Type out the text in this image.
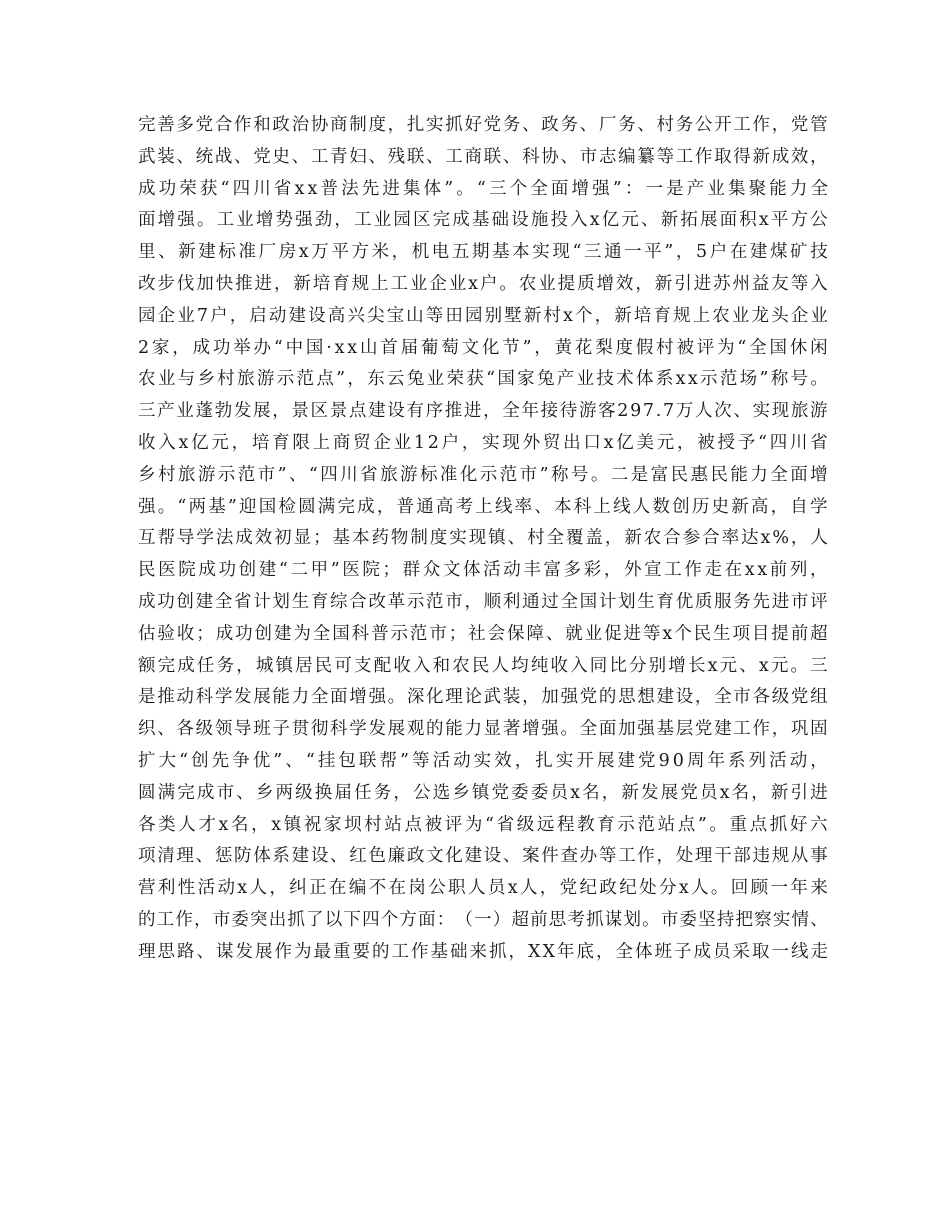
完 善 多 党 合 作 和 政 治 协 商 制 度 ， 扎 实 抓 好 党 务 、 政 务 、 厂 务 、 村 务 公 开 工 作 ， 党 管
武 装 、 统 战 、 党 史 、 工 青 妇 、 残 联 、 工 商 联 、 科 协 、 市 志 编 纂 等 工 作 取 得 新 成 效 ，
成 功 荣 获 “ 四 川 省 x x 普 法 先 进 集 体 ” 。 “ 三 个 全 面 增 强 ” ： 一 是 产 业 集 聚 能 力 全
面 增 强 。 工 业 增 势 强 劲 ， 工 业 园 区 完 成 基 础 设 施 投 入 x 亿 元 、 新 拓 展 面 积 x 平 方 公
里 、 新 建 标 准 厂 房 x 万 平 方 米 ， 机 电 五 期 基 本 实 现 “ 三 通 一 平 ” ， 5 户 在 建 煤 矿 技
改 步 伐 加 快 推 进 ， 新 培 育 规 上 工 业 企 业 x 户 。 农 业 提 质 增 效 ， 新 引 进 苏 州 益 友 等 入
园 企 业 7 户 ， 启 动 建 设 高 兴 尖 宝 山 等 田 园 别 墅 新 村 x 个 ， 新 培 育 规 上 农 业 龙 头 企 业
2 家 ， 成 功 举 办 “ 中 国 · x x 山 首 届 葡 萄 文 化 节 ” ， 黄 花 梨 度 假 村 被 评 为 “ 全 国 休 闲
农 业 与 乡 村 旅 游 示 范 点 ” ， 东 云 兔 业 荣 获 “ 国 家 兔 产 业 技 术 体 系 x x 示 范 场 ” 称 号 。
三 产 业 蓬 勃 发 展 ， 景 区 景 点 建 设 有 序 推 进 ， 全 年 接 待 游 客 2 9 7 . 7 万 人 次 、 实 现 旅 游
收 入 x 亿 元 ， 培 育 限 上 商 贸 企 业 1 2 户 ， 实 现 外 贸 出 口 x 亿 美 元 ， 被 授 予 “ 四 川 省
乡 村 旅 游 示 范 市 ” 、 “ 四 川 省 旅 游 标 准 化 示 范 市 ” 称 号 。 二 是 富 民 惠 民 能 力 全 面 增
强 。 “ 两 基 ” 迎 国 检 圆 满 完 成 ， 普 通 高 考 上 线 率 、 本 科 上 线 人 数 创 历 史 新 高 ， 自 学
互 帮 导 学 法 成 效 初 显 ； 基 本 药 物 制 度 实 现 镇 、 村 全 覆 盖 ， 新 农 合 参 合 率 达 x % ， 人
民 医 院 成 功 创 建 “ 二 甲 ” 医 院 ； 群 众 文 体 活 动 丰 富 多 彩 ， 外 宣 工 作 走 在 x x 前 列 ，
成 功 创 建 全 省 计 划 生 育 综 合 改 革 示 范 市 ， 顺 利 通 过 全 国 计 划 生 育 优 质 服 务 先 进 市 评
估 验 收 ； 成 功 创 建 为 全 国 科 普 示 范 市 ； 社 会 保 障 、 就 业 促 进 等 x 个 民 生 项 目 提 前 超
额 完 成 任 务 ， 城 镇 居 民 可 支 配 收 入 和 农 民 人 均 纯 收 入 同 比 分 别 增 长 x 元 、 x 元 。 三
是 推 动 科 学 发 展 能 力 全 面 增 强 。 深 化 理 论 武 装 ， 加 强 党 的 思 想 建 设 ， 全 市 各 级 党 组
织 、 各 级 领 导 班 子 贯 彻 科 学 发 展 观 的 能 力 显 著 增 强 。 全 面 加 强 基 层 党 建 工 作 ， 巩 固
扩 大 “ 创 先 争 优 ” 、 “ 挂 包 联 帮 ” 等 活 动 实 效 ， 扎 实 开 展 建 党 9 0 周 年 系 列 活 动 ，
圆 满 完 成 市 、 乡 两 级 换 届 任 务 ， 公 选 乡 镇 党 委 委 员 x 名 ， 新 发 展 党 员 x 名 ， 新 引 进
各 类 人 才 x 名 ， x 镇 祝 家 坝 村 站 点 被 评 为 “ 省 级 远 程 教 育 示 范 站 点 ” 。 重 点 抓 好 六
项 清 理 、 惩 防 体 系 建 设 、 红 色 廉 政 文 化 建 设 、 案 件 查 办 等 工 作 ， 处 理 干 部 违 规 从 事
营 利 性 活 动 x 人 ， 纠 正 在 编 不 在 岗 公 职 人 员 x 人 ， 党 纪 政 纪 处 分 x 人 。 回 顾 一 年 来
的 工 作 ， 市 委 突 出 抓 了 以 下 四 个 方 面 ： （ 一 ） 超 前 思 考 抓 谋 划 。 市 委 坚 持 把 察 实 情 、
理 思 路 、 谋 发 展 作 为 最 重 要 的 工 作 基 础 来 抓 ， X X 年 底 ， 全 体 班 子 成 员 采 取 一 线 走
